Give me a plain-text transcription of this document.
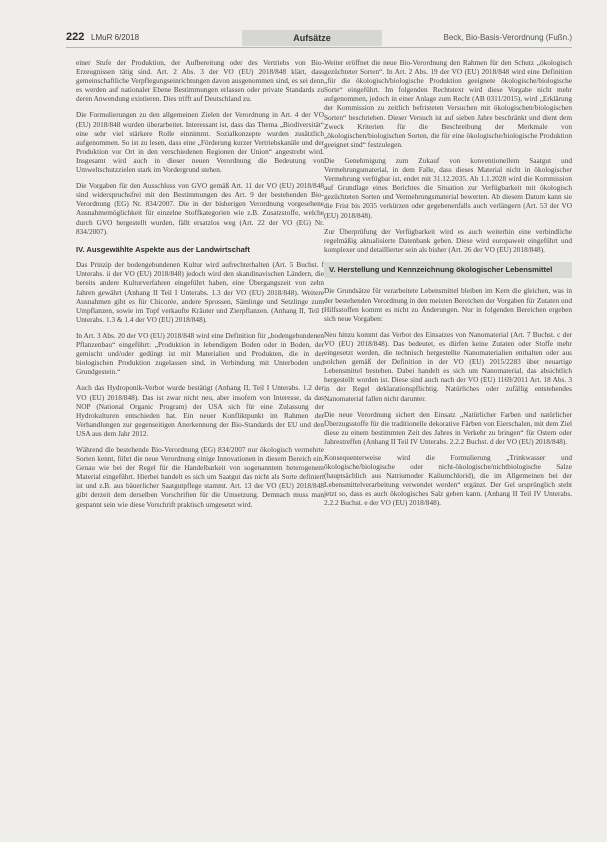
222 LMuR 6/2018	Aufsätze	Beck, Bio-Basis-Verordnung (Fußn.)

einer Stufe der Produktion, der Aufbereitung oder des Vertriebs von Bio-Erzeugnissen tätig sind. Art. 2 Abs. 3 der VO (EU) 2018/848 klärt, dass gemeinschaftliche Verpflegungseinrichtungen davon ausgenommen sind, es sei denn es werden auf nationaler Ebene Bestimmungen erlassen oder private Standards zu deren Anwendung existieren. Dies trifft auf Deutschland zu.

Die Formulierungen zu den allgemeinen Zielen der Verordnung in Art. 4 der VO (EU) 2018/848 wurden überarbeitet. Interessant ist, dass das Thema „Biodiversität“ eine sehr viel stärkere Rolle einnimmt. Sozialkonzepte wurden zusätzlich aufgenommen. So ist zu lesen, dass eine „Förderung kurzer Vertriebskanäle und der Produktion vor Ort in den verschiedenen Regionen der Union“ angestrebt wird. Insgesamt wird auch in dieser neuen Verordnung die Bedeutung von Umweltschutzzielen stark im Vordergrund stehen.

Die Vorgaben für den Ausschluss von GVO gemäß Art. 11 der VO (EU) 2018/848 sind widerspruchsfrei mit den Bestimmungen des Art. 9 der bestehenden Bio-Verordnung (EG) Nr. 834/2007. Die in der bisherigen Verordnung vorgesehene Ausnahmemöglichkeit für einzelne Stoffkategorien wie z.B. Zusatzstoffe, welche durch GVO hergestellt wurden, fällt ersatzlos weg (Art. 22 der VO (EG) Nr. 834/2007).

IV. Ausgewählte Aspekte aus der Landwirtschaft

Das Prinzip der bodengebundenen Kultur wird aufrechterhalten (Art. 5 Buchst. f Unterabs. ii der VO (EU) 2018/848) jedoch wird den skandinavischen Ländern, die bereits andere Kulturverfahren eingeführt haben, eine Übergangszeit von zehn Jahren gewährt (Anhang II Teil I Unterabs. 1.3 der VO (EU) 2018/848). Weitere Ausnahmen gibt es für Chicorée, andere Sprossen, Sämlinge und Setzlinge zum Umpflanzen, sowie im Topf verkaufte Kräuter und Zierpflanzen. (Anhang II, Teil I Unterabs. 1.3 & 1.4 der VO (EU) 2018/848).

In Art. 3 Abs. 20 der VO (EU) 2018/848 wird eine Definition für „bodengebundenen Pflanzenbau“ eingeführt: „Produktion in lebendigem Boden oder in Boden, der gemischt und/oder gedüngt ist mit Materialien und Produkten, die in der biologischen Produktion zugelassen sind, in Verbindung mit Unterboden und Grundgestein.“

Auch das Hydroponik-Verbot wurde bestätigt (Anhang II, Teil I Unterabs. 1.2 der VO (EU) 2018/848). Das ist zwar nicht neu, aber insofern von Interesse, da das NOP (National Organic Program) der USA sich für eine Zulassung der Hydrokulturen entschieden hat. Ein neuer Konfliktpunkt im Rahmen der Verhandlungen zur gegenseitigen Anerkennung der Bio-Standards der EU und den USA aus dem Jahr 2012.

Während die bestehende Bio-Verordnung (EG) 834/2007 nur ökologisch vermehrte Sorten kennt, führt die neue Verordnung einige Innovationen in diesem Bereich ein. Genau wie bei der Regel für die Handelbarkeit von sogenanntem heterogenem Material eingeführt. Hierbei handelt es sich um Saatgut das nicht als Sorte definiert ist und z.B. aus bäuerlicher Saatgutpflege stammt. Art. 13 der VO (EU) 2018/848 gibt derzeit dem derselben Vorschriften für die Umsetzung. Demnach muss man gespannt sein wie diese Vorschrift praktisch umgesetzt wird.

Weiter eröffnet die neue Bio-Verordnung den Rahmen für den Schutz „ökologisch gezüchteter Sorten“. In Art. 2 Abs. 19 der VO (EU) 2018/848 wird eine Definition „für die ökologisch/biologische Produktion geeignete ökologische/biologische Sorte“ eingeführt. Im folgenden Rechtstext wird diese Vorgabe nicht mehr aufgenommen, jedoch in einer Anlage zum Recht (AB 0311/2015), wird „Erklärung der Kommission zu zeitlich befristeten Versuchen mit ökologischen/biologischen Sorten“ beschrieben. Dieser Versuch ist auf sieben Jahre beschränkt und dient dem Zweck Kriterien für die Beschreibung der Merkmale von „ökologischen/biologischen Sorten, die für eine ökologische/biologische Produktion geeignet sind“ festzulegen.

Die Genehmigung zum Zukauf von konventionellem Saatgut und Vermehrungsmaterial, in dem Falle, dass dieses Material nicht in ökologischer Vermehrung verfügbar ist, endet mit 31.12.2035. Ab 1.1.2028 wird die Kommission auf Grundlage eines Berichtes die Situation zur Verfügbarkeit mit ökologisch gezüchteten Sorten und Vermehrungsmaterial bewerten. Ab diesem Datum kann sie die Frist bis 2035 verkürzen oder gegebenenfalls auch verlängern (Art. 53 der VO (EU) 2018/848).

Zur Überprüfung der Verfügbarkeit wird es auch weiterhin eine verbindliche regelmäßig aktualisierte Datenbank geben. Diese wird europaweit eingeführt und komplexer und detaillierter sein als bisher (Art. 26 der VO (EU) 2018/848).

V. Herstellung und Kennzeichnung ökologischer Lebensmittel

Die Grundsätze für verarbeitete Lebensmittel bleiben im Kern die gleichen, was in der bestehenden Verordnung in den meisten Bereichen der Vorgaben für Zutaten und Hilfsstoffen kommt es nicht zu Änderungen. Nur in folgenden Bereichen ergeben sich neue Vorgaben:

Neu hinzu kommt das Verbot des Einsatzes von Nanomaterial (Art. 7 Buchst. c der VO (EU) 2018/848). Das bedeutet, es dürfen keine Zutaten oder Stoffe mehr eingesetzt werden, die technisch hergestellte Nanomaterialien enthalten oder aus solchen gemäß der Definition in der VO (EU) 2015/2283 über neuartige Lebensmittel bestehen. Dabei handelt es sich um Nanomaterial, das absichtlich hergestellt worden ist. Diese sind auch nach der VO (EU) 1169/2011 Art. 18 Abs. 3 in der Regel deklarationspflichtig. Natürliches oder zufällig entstehendes Nanomaterial fallen nicht darunter.

Die neue Verordnung sichert den Einsatz „Natürlicher Farben und natürlicher Überzugsstoffe für die traditionelle dekorative Färben von Eierschalen, mit dem Ziel diese zu einem bestimmten Zeit des Jahres in Verkehr zu bringen“ für Ostern oder Jahrestreffen (Anhang II Teil IV Unterabs. 2.2.2 Buchst. d der VO (EU) 2018/848).

Konsequenterweise wird die Formulierung „Trinkwasser und ökologische/biologische oder nicht-ökologische/nichtbiologische Salze (hauptsächlich aus Natriumoder Kaliumchlorid), die im Allgemeinen bei der Lebensmittelverarbeitung verwendet werden“ ergänzt. Der Gel ursprünglich steht jetzt so, dass es auch ökologisches Salz geben kann. (Anhang II Teil IV Unterabs. 2.2.2 Buchst. e der VO (EU) 2018/848).
